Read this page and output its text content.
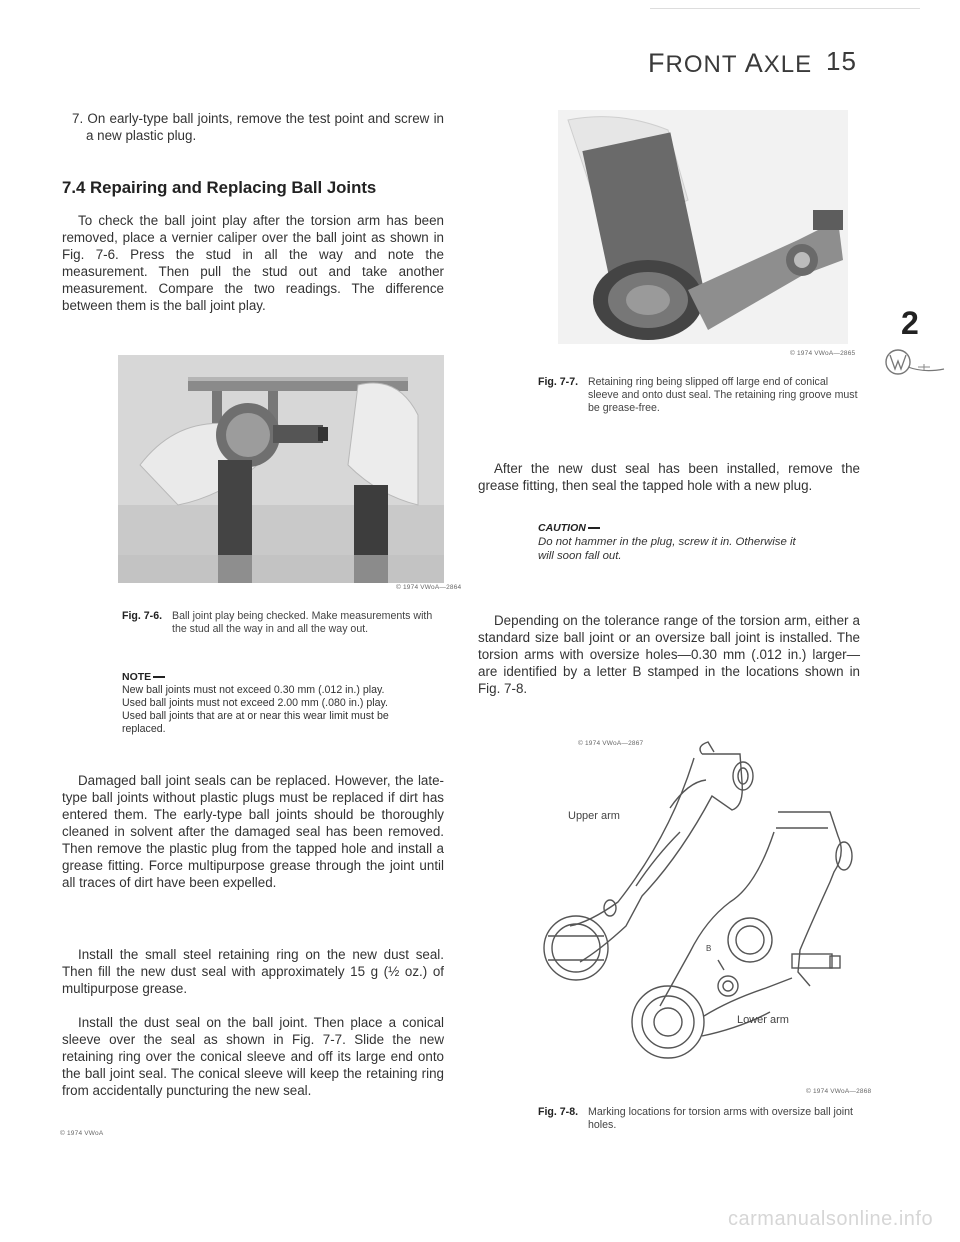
FRONT AXLE 15
2
7. On early-type ball joints, remove the test point and screw in a new plastic plug.
7.4 Repairing and Replacing Ball Joints
To check the ball joint play after the torsion arm has been removed, place a vernier caliper over the ball joint as shown in Fig. 7-6. Press the stud in all the way and note the measurement. Then pull the stud out and take another measurement. Compare the two readings. The difference between them is the ball joint play.
© 1974 VWoA—2864
Fig. 7-6. Ball joint play being checked. Make measurements with the stud all the way in and all the way out.
NOTE
New ball joints must not exceed 0.30 mm (.012 in.) play. Used ball joints must not exceed 2.00 mm (.080 in.) play. Used ball joints that are at or near this wear limit must be replaced.
Damaged ball joint seals can be replaced. However, the late-type ball joints without plastic plugs must be replaced if dirt has entered them. The early-type ball joints should be thoroughly cleaned in solvent after the damaged seal has been removed. Then remove the plastic plug from the tapped hole and install a grease fitting. Force multipurpose grease through the joint until all traces of dirt have been expelled.
Install the small steel retaining ring on the new dust seal. Then fill the new dust seal with approximately 15 g (½ oz.) of multipurpose grease.
Install the dust seal on the ball joint. Then place a conical sleeve over the seal as shown in Fig. 7-7. Slide the new retaining ring over the conical sleeve and off its large end onto the ball joint seal. The conical sleeve will keep the retaining ring from accidentally puncturing the new seal.
© 1974 VWoA
© 1974 VWoA—2865
Fig. 7-7. Retaining ring being slipped off large end of conical sleeve and onto dust seal. The retaining ring groove must be grease-free.
After the new dust seal has been installed, remove the grease fitting, then seal the tapped hole with a new plug.
CAUTION
Do not hammer in the plug, screw it in. Otherwise it will soon fall out.
Depending on the tolerance range of the torsion arm, either a standard size ball joint or an oversize ball joint is installed. The torsion arms with oversize holes—0.30 mm (.012 in.) larger—are identified by a letter B stamped in the locations shown in Fig. 7-8.
© 1974 VWoA—2867
Upper arm
B
Lower arm
© 1974 VWoA—2868
Fig. 7-8. Marking locations for torsion arms with oversize ball joint holes.
carmanualsonline.info
